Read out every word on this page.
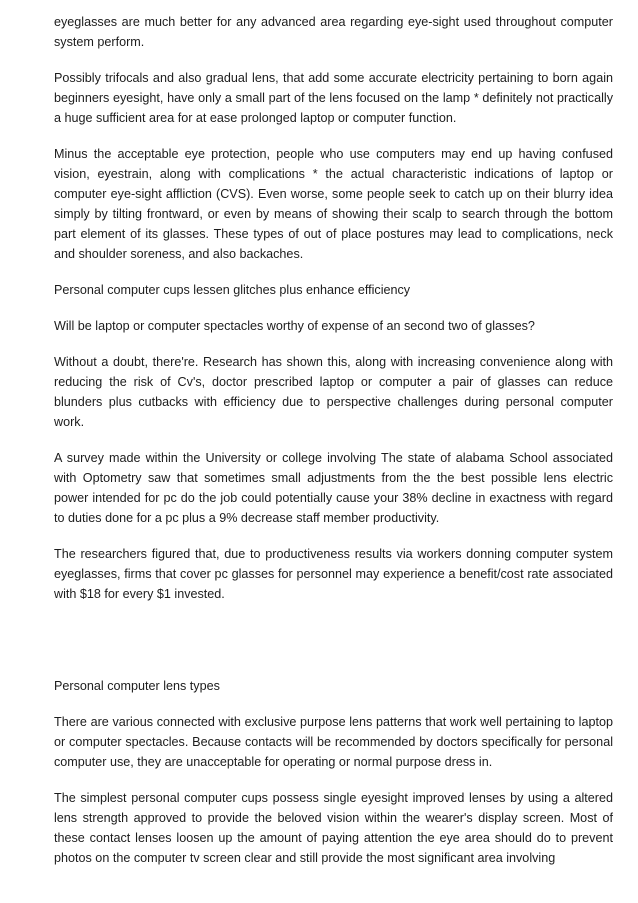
eyeglasses are much better for any advanced area regarding eye-sight used throughout computer system perform.

Possibly trifocals and also gradual lens, that add some accurate electricity pertaining to born again beginners eyesight, have only a small part of the lens focused on the lamp * definitely not practically a huge sufficient area for at ease prolonged laptop or computer function.

Minus the acceptable eye protection, people who use computers may end up having confused vision, eyestrain, along with complications * the actual characteristic indications of laptop or computer eye-sight affliction (CVS). Even worse, some people seek to catch up on their blurry idea simply by tilting frontward, or even by means of showing their scalp to search through the bottom part element of its glasses. These types of out of place postures may lead to complications, neck and shoulder soreness, and also backaches.

Personal computer cups lessen glitches plus enhance efficiency

Will be laptop or computer spectacles worthy of expense of an second two of glasses?

Without a doubt, there're. Research has shown this, along with increasing convenience along with reducing the risk of Cv's, doctor prescribed laptop or computer a pair of glasses can reduce blunders plus cutbacks with efficiency due to perspective challenges during personal computer work.

A survey made within the University or college involving The state of alabama School associated with Optometry saw that sometimes small adjustments from the the best possible lens electric power intended for pc do the job could potentially cause your 38% decline in exactness with regard to duties done for a pc plus a 9% decrease staff member productivity.

The researchers figured that, due to productiveness results via workers donning computer system eyeglasses, firms that cover pc glasses for personnel may experience a benefit/cost rate associated with $18 for every $1 invested.

Personal computer lens types

There are various connected with exclusive purpose lens patterns that work well pertaining to laptop or computer spectacles. Because contacts will be recommended by doctors specifically for personal computer use, they are unacceptable for operating or normal purpose dress in.

The simplest personal computer cups possess single eyesight improved lenses by using a altered lens strength approved to provide the beloved vision within the wearer's display screen. Most of these contact lenses loosen up the amount of paying attention the eye area should do to prevent photos on the computer tv screen clear and still provide the most significant area involving
